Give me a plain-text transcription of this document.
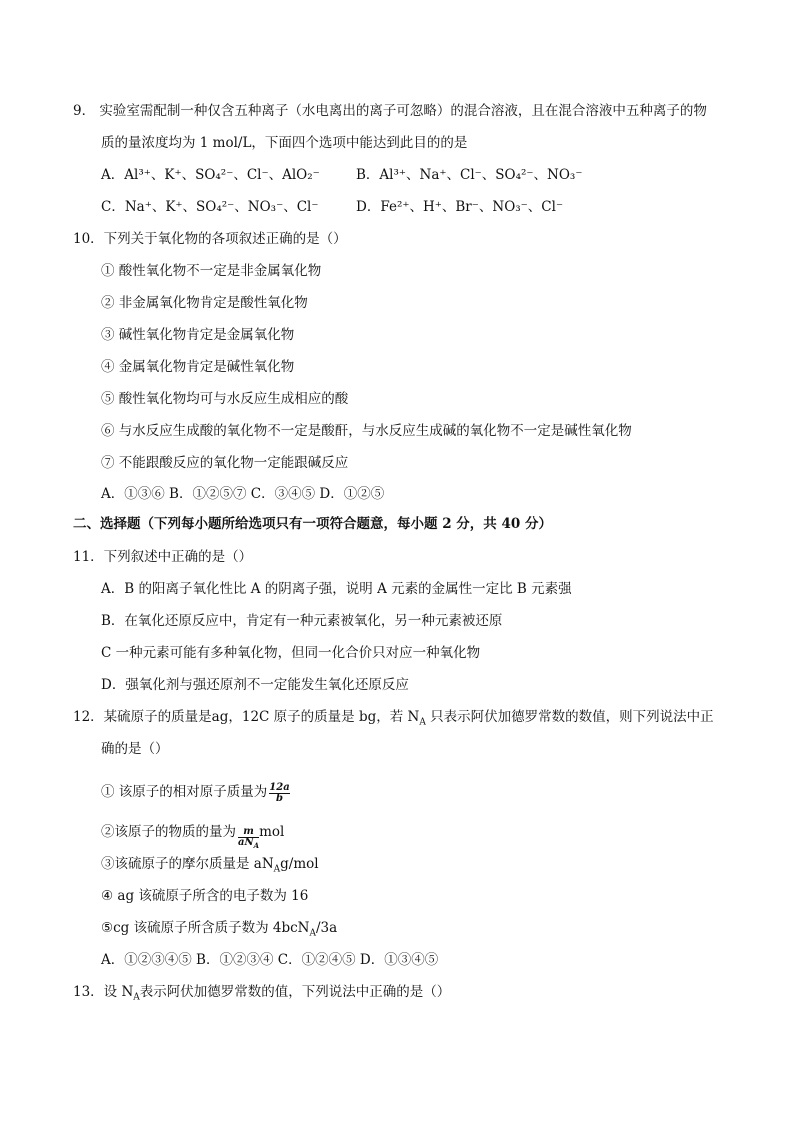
9． 实验室需配制一种仅含五种离子（水电离出的离子可忽略）的混合溶液，且在混合溶液中五种离子的物
质的量浓度均为 1 mol/L，下面四个选项中能达到此目的的是
A．Al³⁺、K⁺、SO₄²⁻、Cl⁻、AlO₂⁻	B．Al³⁺、Na⁺、Cl⁻、SO₄²⁻、NO₃⁻
C．Na⁺、K⁺、SO₄²⁻、NO₃⁻、Cl⁻	D．Fe²⁺、H⁺、Br⁻、NO₃⁻、Cl⁻
10．下列关于氧化物的各项叙述正确的是（）
① 酸性氧化物不一定是非金属氧化物
② 非金属氧化物肯定是酸性氧化物
③ 碱性氧化物肯定是金属氧化物
④ 金属氧化物肯定是碱性氧化物
⑤ 酸性氧化物均可与水反应生成相应的酸
⑥ 与水反应生成酸的氧化物不一定是酸酐，与水反应生成碱的氧化物不一定是碱性氧化物
⑦ 不能跟酸反应的氧化物一定能跟碱反应
A．①③⑥ B．①②⑤⑦ C．③④⑤ D．①②⑤
二、选择题（下列每小题所给选项只有一项符合题意，每小题 2 分，共 40 分）
11．下列叙述中正确的是（）
A．B 的阳离子氧化性比 A 的阴离子强，说明 A 元素的金属性一定比 B 元素强
B．在氧化还原反应中，肯定有一种元素被氧化，另一种元素被还原
C 一种元素可能有多种氧化物，但同一化合价只对应一种氧化物
D．强氧化剂与强还原剂不一定能发生氧化还原反应
12．某硫原子的质量是ag，12C 原子的质量是 bg，若 $N_A$ 只表示阿伏加德罗常数的数值，则下列说法中正
确的是（）
① 该原子的相对原子质量为 $\frac{12a}{b}$
②该原子的物质的量为 $\frac{m}{aN_A}$ mol
③该硫原子的摩尔质量是 $aN_Ag$/mol
④ ag 该硫原子所含的电子数为 16
⑤cg 该硫原子所含质子数为 4bcN$_A$/3a
A．①②③④⑤ B．①②③④ C．①②④⑤ D．①③④⑤
13．设 $N_A$表示阿伏加德罗常数的值，下列说法中正确的是（）
